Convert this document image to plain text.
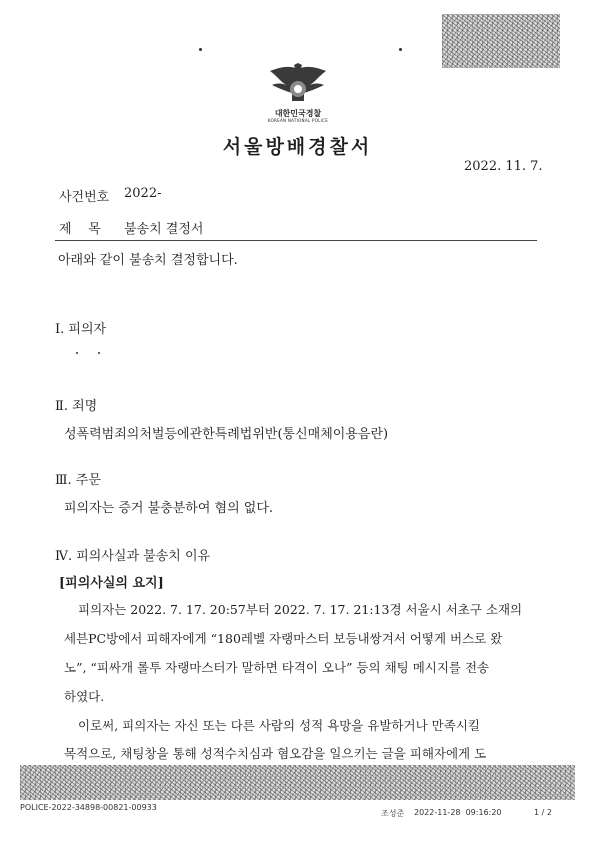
대한민국경찰
KOREAN NATIONAL POLICE
서울방배경찰서
2022. 11. 7.
사건번호 2022-
제    목 불송치 결정서
아래와 같이 불송치 결정합니다.
Ⅰ. 피의자
Ⅱ. 죄명
성폭력범죄의처벌등에관한특례법위반(통신매체이용음란)
Ⅲ. 주문
피의자는 증거 불충분하여 혐의 없다.
Ⅳ. 피의사실과 불송치 이유
[피의사실의 요지]
피의자는 2022. 7. 17. 20:57부터 2022. 7. 17. 21:13경 서울시 서초구 소재의
세븐PC방에서 피해자에게 “180레벨 자랭마스터 보등내쌍겨서 어떻게 버스로 왔
노”, “피싸개 롤투 자랭마스터가 말하면 타격이 오나” 등의 채팅 메시지를 전송
하였다.
이로써, 피의자는 자신 또는 다른 사람의 성적 욕망을 유발하거나 만족시킬
목적으로, 채팅창을 통해 성적수치심과 혐오감을 일으키는 글을 피해자에게 도
POLICE-2022-34898-00821-00933
조성준 2022-11-28  09:16:20	1 / 2
